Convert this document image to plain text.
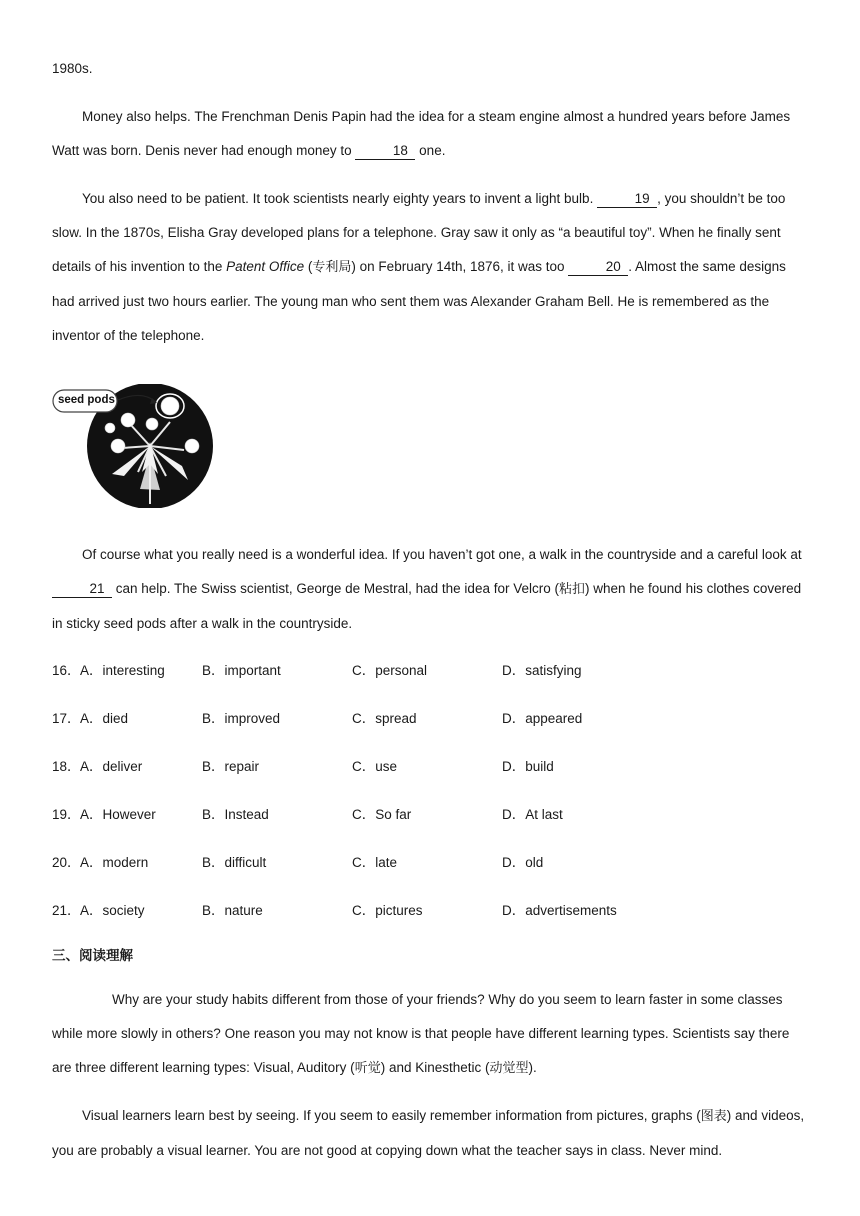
1980s.

Money also helps. The Frenchman Denis Papin had the idea for a steam engine almost a hundred years before James Watt was born. Denis never had enough money to	18 one.

You also need to be patient. It took scientists nearly eighty years to invent a light bulb.	19 , you shouldn’t be too slow. In the 1870s, Elisha Gray developed plans for a telephone. Gray saw it only as “a beautiful toy”. When he finally sent details of his invention to the Patent Office (专利局) on February 14th, 1876, it was too	20 . Almost the same designs had arrived just two hours earlier. The young man who sent them was Alexander Graham Bell. He is remembered as the inventor of the telephone.

seed pods

Of course what you really need is a wonderful idea. If you haven’t got one, a walk in the countryside and a careful look at 21 can help. The Swiss scientist, George de Mestral, had the idea for Velcro (粘扣) when he found his clothes covered in sticky seed pods after a walk in the countryside.

16． A．interesting	B．important	C．personal	D．satisfying
17． A．died	B．improved	C．spread	D．appeared
18． A．deliver	B．repair	C．use	D．build
19． A．However	B．Instead	C．So far	D．At last
20． A．modern	B．difficult	C．late	D．old
21． A．society	B．nature	C．pictures	D．advertisements
三、阅读理解

Why are your study habits different from those of your friends? Why do you seem to learn faster in some classes while more slowly in others? One reason you may not know is that people have different learning types. Scientists say there are three different learning types: Visual, Auditory (听觉) and Kinesthetic (动觉型).

Visual learners learn best by seeing. If you seem to easily remember information from pictures, graphs (图表) and videos, you are probably a visual learner. You are not good at copying down what the teacher says in class. Never mind.
